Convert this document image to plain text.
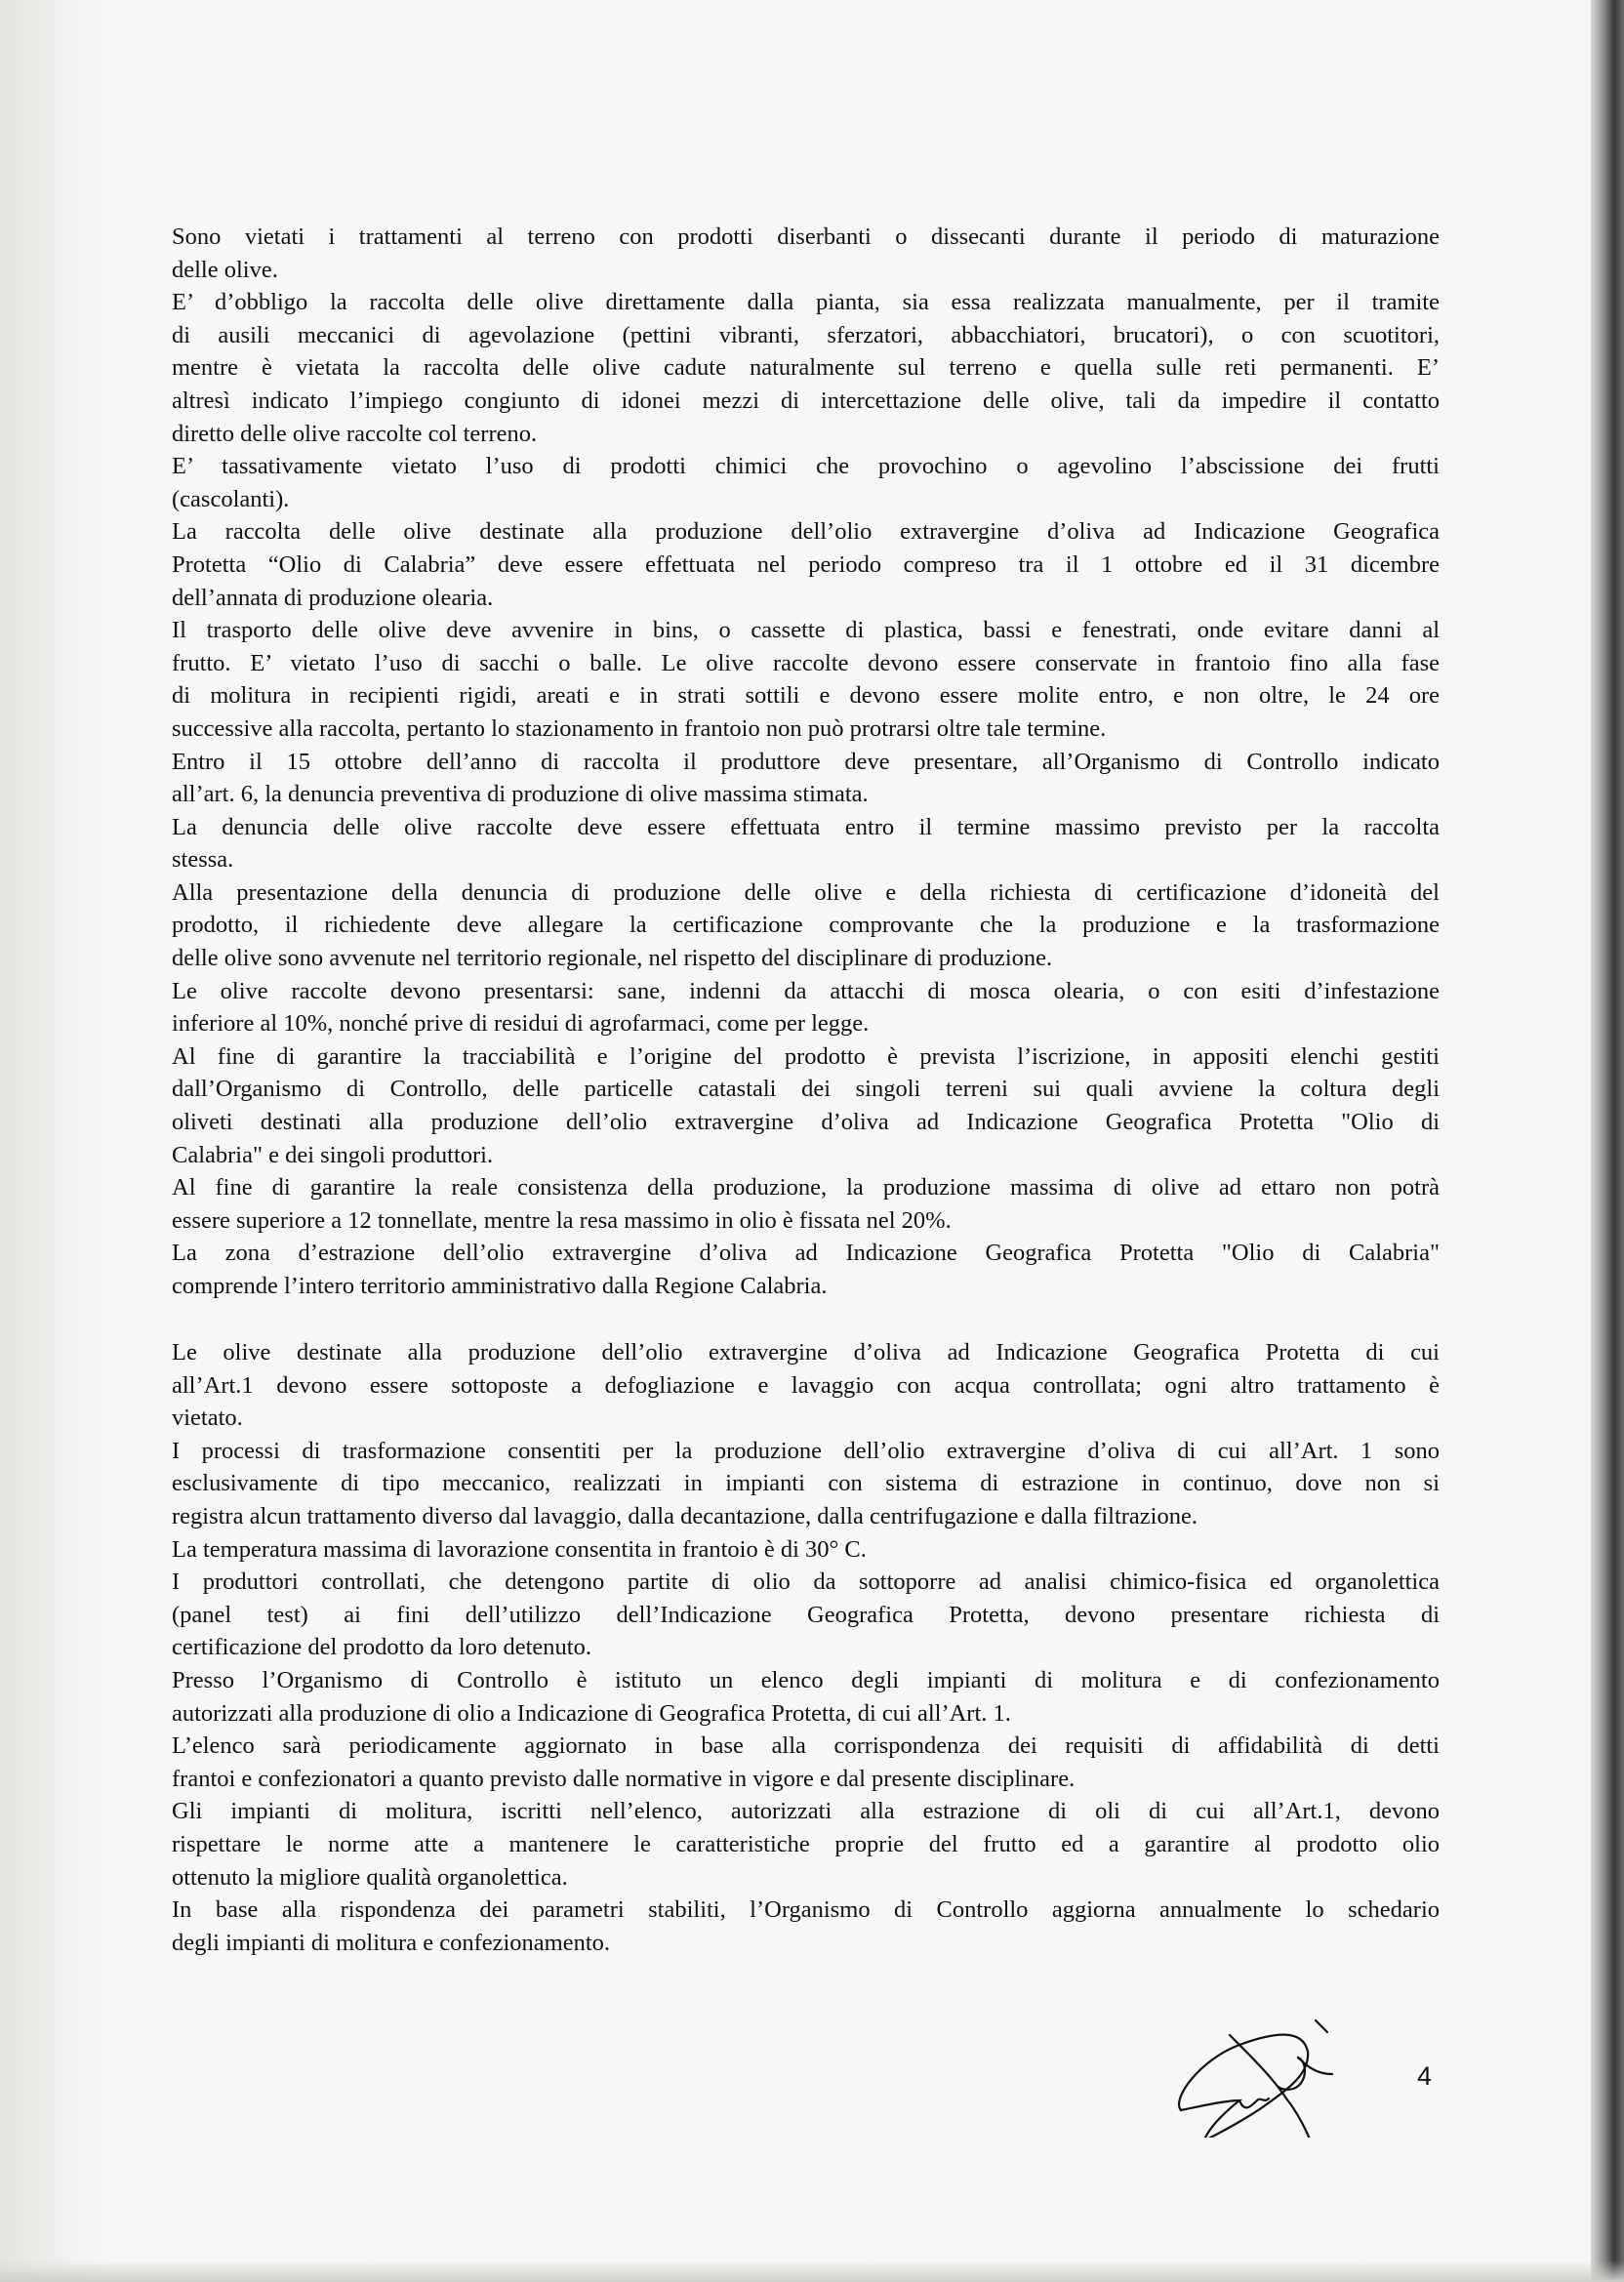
Sono vietati i trattamenti al terreno con prodotti diserbanti o dissecanti durante il periodo di maturazione
delle olive.
E’ d’obbligo la raccolta delle olive direttamente dalla pianta, sia essa realizzata manualmente, per il tramite
di ausili meccanici di agevolazione (pettini vibranti, sferzatori, abbacchiatori, brucatori), o con scuotitori,
mentre è vietata la raccolta delle olive cadute naturalmente sul terreno e quella sulle reti permanenti. E’
altresì indicato l’impiego congiunto di idonei mezzi di intercettazione delle olive, tali da impedire il contatto
diretto delle olive raccolte col terreno.
E’ tassativamente vietato l’uso di prodotti chimici che provochino o agevolino l’abscissione dei frutti
(cascolanti).
La raccolta delle olive destinate alla produzione dell’olio extravergine d’oliva ad Indicazione Geografica
Protetta “Olio di Calabria” deve essere effettuata nel periodo compreso tra il 1 ottobre ed il 31 dicembre
dell’annata di produzione olearia.
Il trasporto delle olive deve avvenire in bins, o cassette di plastica, bassi e fenestrati, onde evitare danni al
frutto. E’ vietato l’uso di sacchi o balle. Le olive raccolte devono essere conservate in frantoio fino alla fase
di molitura in recipienti rigidi, areati e in strati sottili e devono essere molite entro, e non oltre, le 24 ore
successive alla raccolta, pertanto lo stazionamento in frantoio non può protrarsi oltre tale termine.
Entro il 15 ottobre dell’anno di raccolta il produttore deve presentare, all’Organismo di Controllo indicato
all’art. 6, la denuncia preventiva di produzione di olive massima stimata.
La denuncia delle olive raccolte deve essere effettuata entro il termine massimo previsto per la raccolta
stessa.
Alla presentazione della denuncia di produzione delle olive e della richiesta di certificazione d’idoneità del
prodotto, il richiedente deve allegare la certificazione comprovante che la produzione e la trasformazione
delle olive sono avvenute nel territorio regionale, nel rispetto del disciplinare di produzione.
Le olive raccolte devono presentarsi: sane, indenni da attacchi di mosca olearia, o con esiti d’infestazione
inferiore al 10%, nonché prive di residui di agrofarmaci, come per legge.
Al fine di garantire la tracciabilità e l’origine del prodotto è prevista l’iscrizione, in appositi elenchi gestiti
dall’Organismo di Controllo, delle particelle catastali dei singoli terreni sui quali avviene la coltura degli
oliveti destinati alla produzione dell’olio extravergine d’oliva ad Indicazione Geografica Protetta "Olio di
Calabria" e dei singoli produttori.
Al fine di garantire la reale consistenza della produzione, la produzione massima di olive ad ettaro non potrà
essere superiore a 12 tonnellate, mentre la resa massimo in olio è fissata nel 20%.
La zona d’estrazione dell’olio extravergine d’oliva ad Indicazione Geografica Protetta "Olio di Calabria"
comprende l’intero territorio amministrativo dalla Regione Calabria.
Le olive destinate alla produzione dell’olio extravergine d’oliva ad Indicazione Geografica Protetta di cui
all’Art.1 devono essere sottoposte a defogliazione e lavaggio con acqua controllata; ogni altro trattamento è
vietato.
I processi di trasformazione consentiti per la produzione dell’olio extravergine d’oliva di cui all’Art. 1 sono
esclusivamente di tipo meccanico, realizzati in impianti con sistema di estrazione in continuo, dove non si
registra alcun trattamento diverso dal lavaggio, dalla decantazione, dalla centrifugazione e dalla filtrazione.
La temperatura massima di lavorazione consentita in frantoio è di 30° C.
I produttori controllati, che detengono partite di olio da sottoporre ad analisi chimico-fisica ed organolettica
(panel test) ai fini dell’utilizzo dell’Indicazione Geografica Protetta, devono presentare richiesta di
certificazione del prodotto da loro detenuto.
Presso l’Organismo di Controllo è istituto un elenco degli impianti di molitura e di confezionamento
autorizzati alla produzione di olio a Indicazione di Geografica Protetta, di cui all’Art. 1.
L’elenco sarà periodicamente aggiornato in base alla corrispondenza dei requisiti di affidabilità di detti
frantoi e confezionatori a quanto previsto dalle normative in vigore e dal presente disciplinare.
Gli impianti di molitura, iscritti nell’elenco, autorizzati alla estrazione di oli di cui all’Art.1, devono
rispettare le norme atte a mantenere le caratteristiche proprie del frutto ed a garantire al prodotto olio
ottenuto la migliore qualità organolettica.
In base alla rispondenza dei parametri stabiliti, l’Organismo di Controllo aggiorna annualmente lo schedario
degli impianti di molitura e confezionamento.
4
